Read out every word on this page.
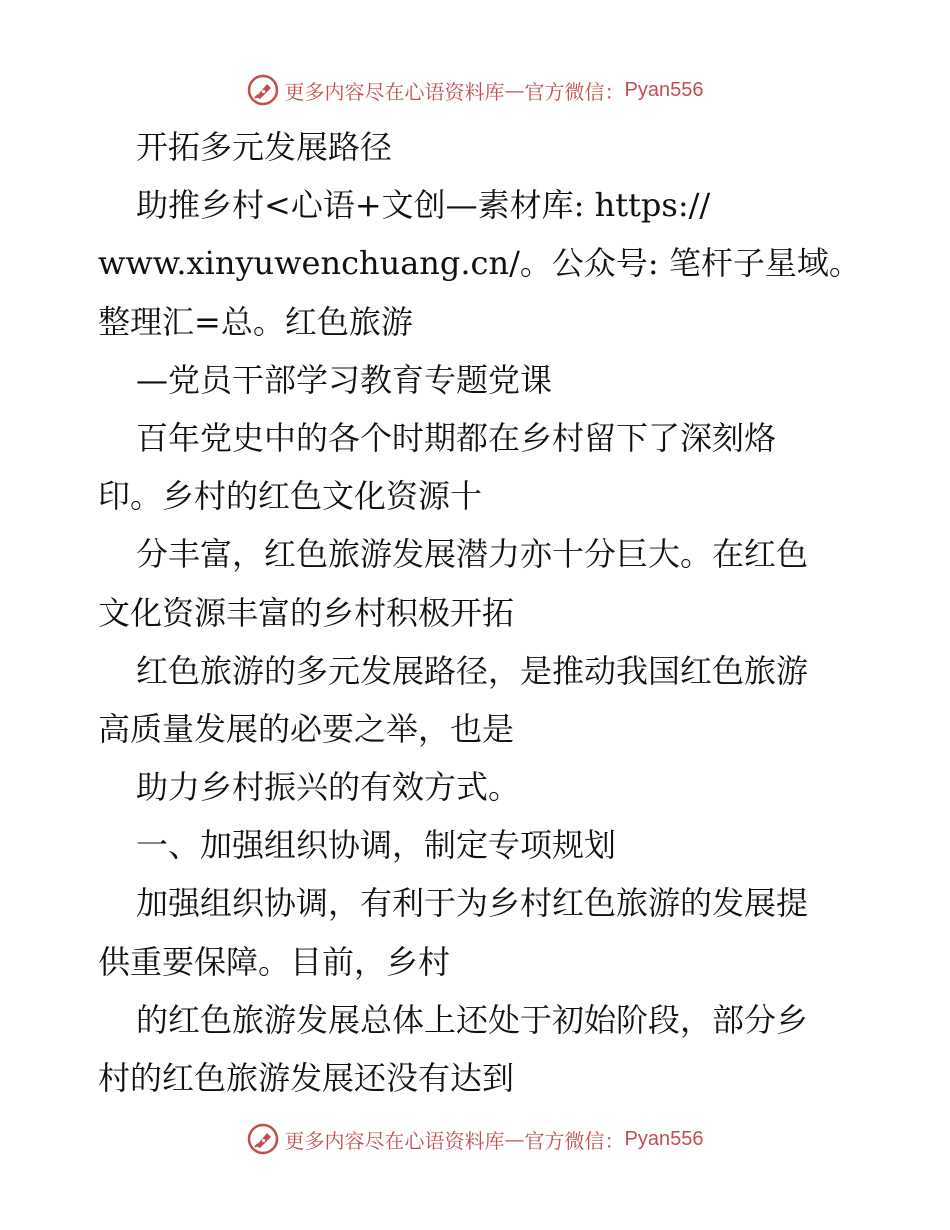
更多内容尽在心语资料库 — 官方微信： Pyan556
开拓多元发展路径
助推乡村<心语+文创—素材库: https://
www.xinyuwenchuang.cn/。公众号: 笔杆子星域。
整理汇=总。红色旅游
—党员干部学习教育专题党课
百年党史中的各个时期都在乡村留下了深刻烙
印。乡村的红色文化资源十
分丰富，红色旅游发展潜力亦十分巨大。在红色
文化资源丰富的乡村积极开拓
红色旅游的多元发展路径，是推动我国红色旅游
高质量发展的必要之举，也是
助力乡村振兴的有效方式。
一、加强组织协调，制定专项规划
加强组织协调，有利于为乡村红色旅游的发展提
供重要保障。目前，乡村
的红色旅游发展总体上还处于初始阶段，部分乡
村的红色旅游发展还没有达到
更多内容尽在心语资料库 — 官方微信： Pyan556
